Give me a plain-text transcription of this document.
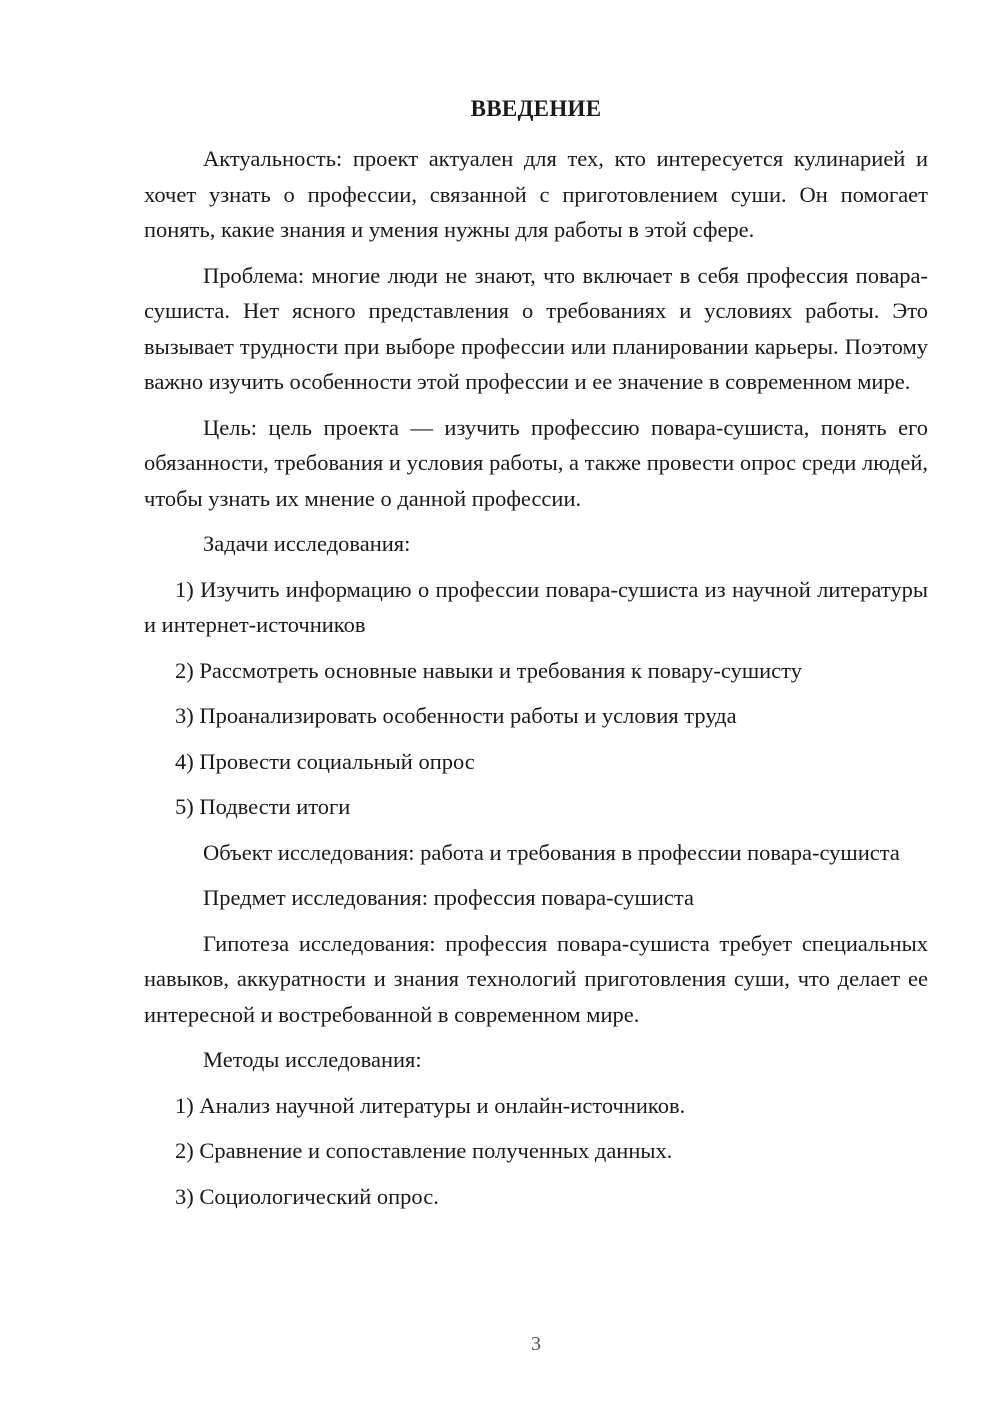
ВВЕДЕНИЕ

Актуальность: проект актуален для тех, кто интересуется кулинарией и хочет узнать о профессии, связанной с приготовлением суши. Он помогает понять, какие знания и умения нужны для работы в этой сфере.

Проблема: многие люди не знают, что включает в себя профессия повара-сушиста. Нет ясного представления о требованиях и условиях работы. Это вызывает трудности при выборе профессии или планировании карьеры. Поэтому важно изучить особенности этой профессии и ее значение в современном мире.

Цель: цель проекта — изучить профессию повара-сушиста, понять его обязанности, требования и условия работы, а также провести опрос среди людей, чтобы узнать их мнение о данной профессии.

Задачи исследования:

1) Изучить информацию о профессии повара-сушиста из научной литературы и интернет-источников

2) Рассмотреть основные навыки и требования к повару-сушисту

3) Проанализировать особенности работы и условия труда

4) Провести социальный опрос

5) Подвести итоги

Объект исследования: работа и требования в профессии повара-сушиста

Предмет исследования: профессия повара-сушиста

Гипотеза исследования: профессия повара-сушиста требует специальных навыков, аккуратности и знания технологий приготовления суши, что делает ее интересной и востребованной в современном мире.

Методы исследования:

1) Анализ научной литературы и онлайн-источников.

2) Сравнение и сопоставление полученных данных.

3) Социологический опрос.

3
